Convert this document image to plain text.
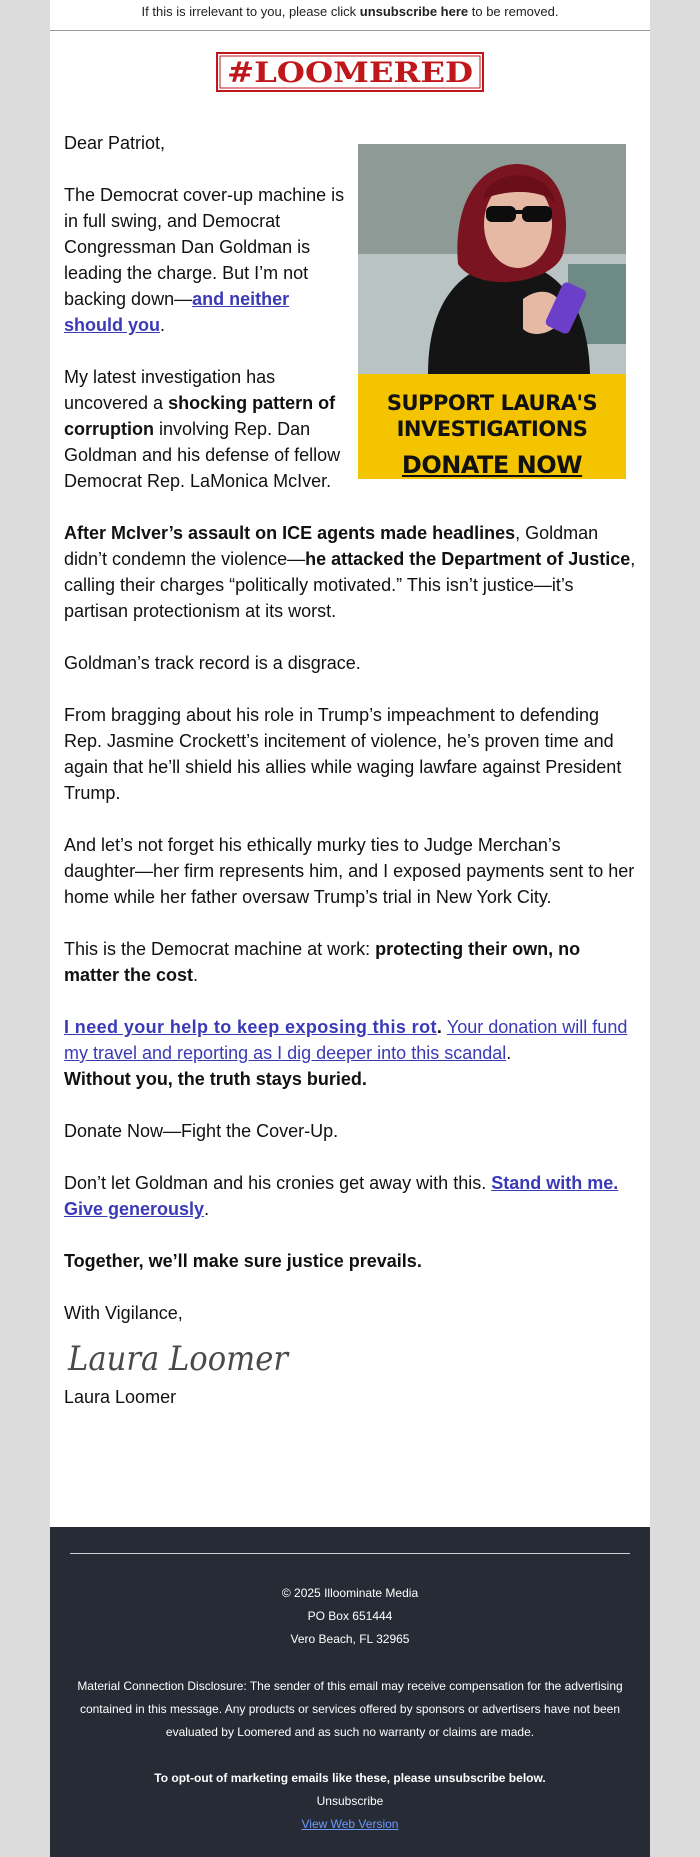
If this is irrelevant to you, please click unsubscribe here to be removed.
#LOOMERED
SUPPORT LAURA'S INVESTIGATIONS
DONATE NOW

Dear Patriot,

The Democrat cover-up machine is in full swing, and Democrat Congressman Dan Goldman is leading the charge. But I’m not backing down—and neither should you.

My latest investigation has uncovered a shocking pattern of corruption involving Rep. Dan Goldman and his defense of fellow Democrat Rep. LaMonica McIver.

After McIver’s assault on ICE agents made headlines, Goldman didn’t condemn the violence—he attacked the Department of Justice, calling their charges “politically motivated.” This isn’t justice—it’s partisan protectionism at its worst.

Goldman’s track record is a disgrace.

From bragging about his role in Trump’s impeachment to defending Rep. Jasmine Crockett’s incitement of violence, he’s proven time and again that he’ll shield his allies while waging lawfare against President Trump.

And let’s not forget his ethically murky ties to Judge Merchan’s daughter—her firm represents him, and I exposed payments sent to her home while her father oversaw Trump’s trial in New York City.

This is the Democrat machine at work: protecting their own, no matter the cost.

I need your help to keep exposing this rot. Your donation will fund my travel and reporting as I dig deeper into this scandal.
Without you, the truth stays buried.

Donate Now—Fight the Cover-Up.

Don’t let Goldman and his cronies get away with this. Stand with me. Give generously.

Together, we’ll make sure justice prevails.

With Vigilance,
Laura Loomer
Laura Loomer
© 2025 Illoominate Media
PO Box 651444
Vero Beach, FL 32965
Material Connection Disclosure: The sender of this email may receive compensation for the advertising contained in this message. Any products or services offered by sponsors or advertisers have not been evaluated by Loomered and as such no warranty or claims are made.
To opt-out of marketing emails like these, please unsubscribe below.
Unsubscribe
View Web Version
